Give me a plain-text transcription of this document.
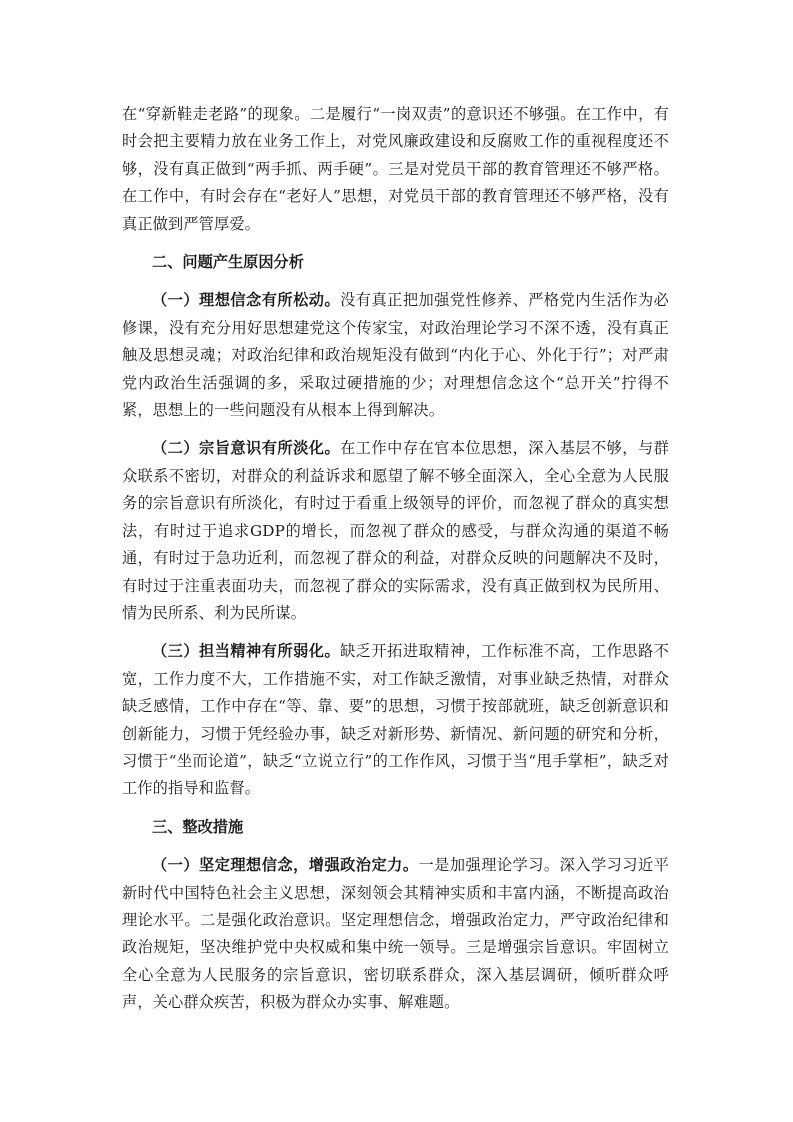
在“穿新鞋走老路”的现象。二是履行“一岗双责”的意识还不够强。在工作中，有时会把主要精力放在业务工作上，对党风廉政建设和反腐败工作的重视程度还不够，没有真正做到“两手抓、两手硬”。三是对党员干部的教育管理还不够严格。在工作中，有时会存在“老好人”思想，对党员干部的教育管理还不够严格，没有真正做到严管厚爱。

二、问题产生原因分析

（一）理想信念有所松动。没有真正把加强党性修养、严格党内生活作为必修课，没有充分用好思想建党这个传家宝，对政治理论学习不深不透，没有真正触及思想灵魂；对政治纪律和政治规矩没有做到“内化于心、外化于行”；对严肃党内政治生活强调的多，采取过硬措施的少；对理想信念这个“总开关”拧得不紧，思想上的一些问题没有从根本上得到解决。

（二）宗旨意识有所淡化。在工作中存在官本位思想，深入基层不够，与群众联系不密切，对群众的利益诉求和愿望了解不够全面深入，全心全意为人民服务的宗旨意识有所淡化，有时过于看重上级领导的评价，而忽视了群众的真实想法，有时过于追求GDP的增长，而忽视了群众的感受，与群众沟通的渠道不畅通，有时过于急功近利，而忽视了群众的利益，对群众反映的问题解决不及时，有时过于注重表面功夫，而忽视了群众的实际需求，没有真正做到权为民所用、情为民所系、利为民所谋。

（三）担当精神有所弱化。缺乏开拓进取精神，工作标准不高，工作思路不宽，工作力度不大，工作措施不实，对工作缺乏激情，对事业缺乏热情，对群众缺乏感情，工作中存在“等、靠、要”的思想，习惯于按部就班，缺乏创新意识和创新能力，习惯于凭经验办事，缺乏对新形势、新情况、新问题的研究和分析，习惯于“坐而论道”，缺乏“立说立行”的工作作风，习惯于当“甩手掌柜”，缺乏对工作的指导和监督。

三、整改措施

（一）坚定理想信念，增强政治定力。一是加强理论学习。深入学习习近平新时代中国特色社会主义思想，深刻领会其精神实质和丰富内涵，不断提高政治理论水平。二是强化政治意识。坚定理想信念，增强政治定力，严守政治纪律和政治规矩，坚决维护党中央权威和集中统一领导。三是增强宗旨意识。牢固树立全心全意为人民服务的宗旨意识，密切联系群众，深入基层调研，倾听群众呼声，关心群众疾苦，积极为群众办实事、解难题。
